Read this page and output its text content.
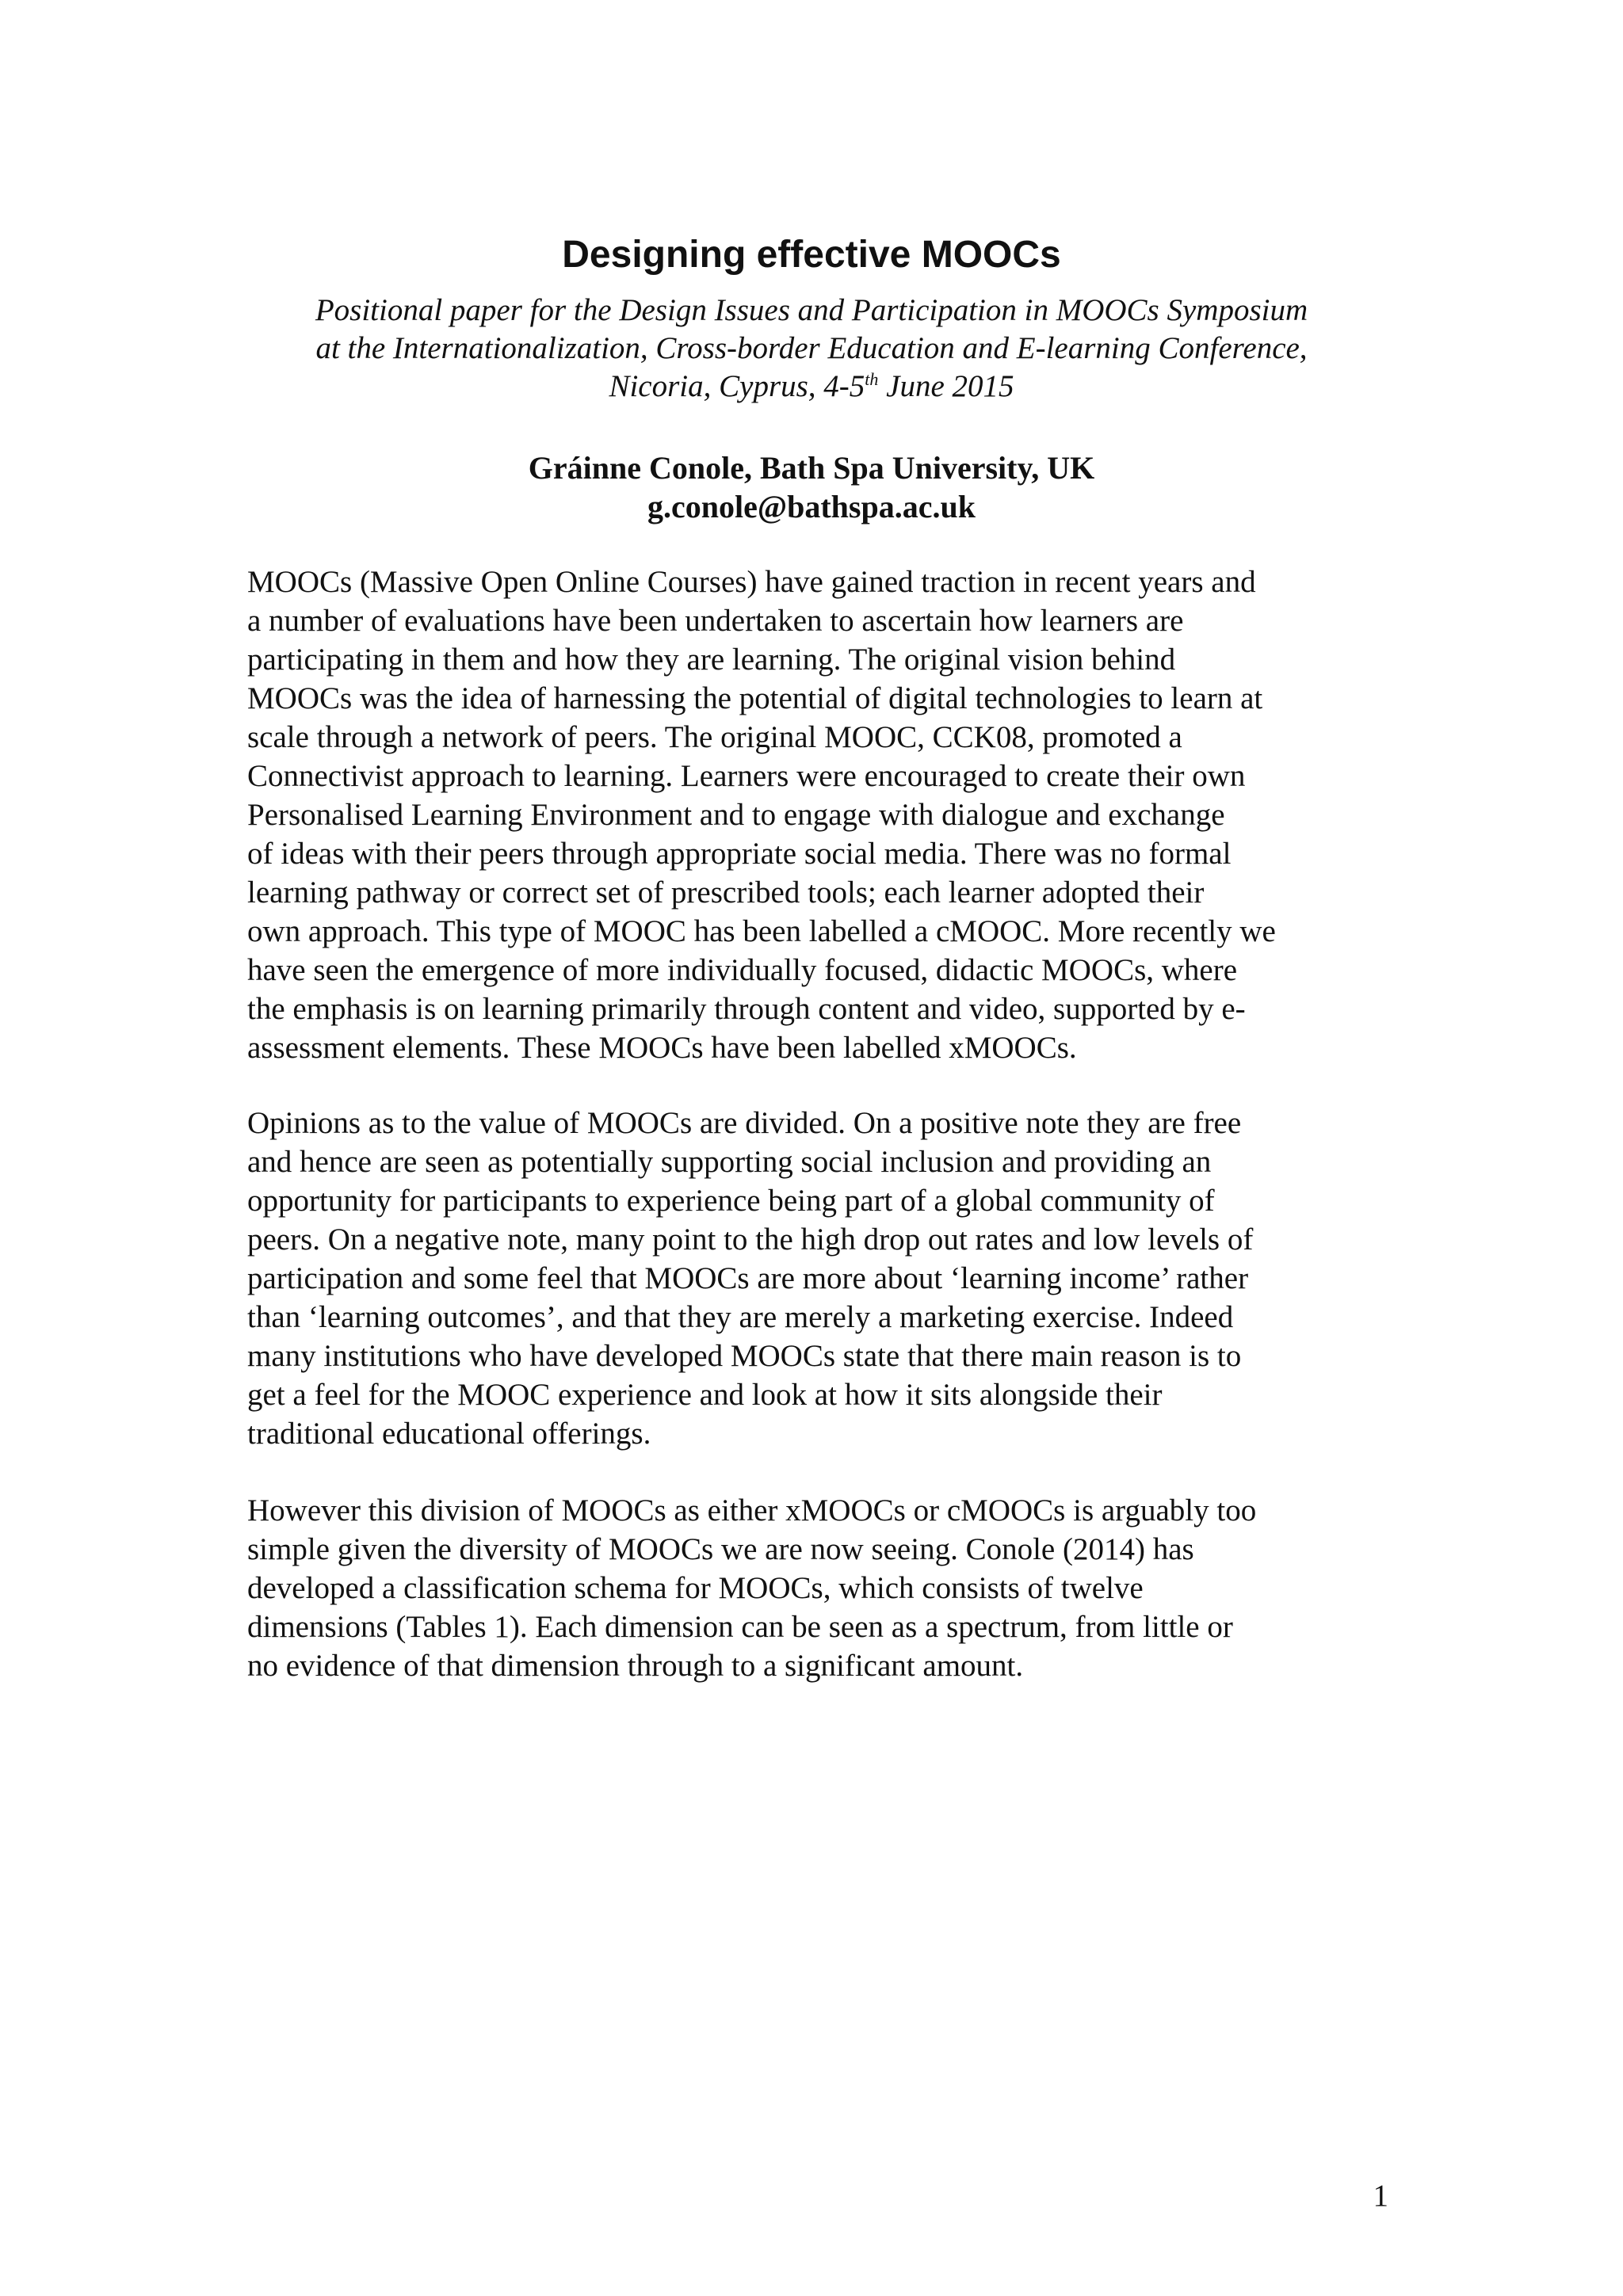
Designing effective MOOCs
Positional paper for the Design Issues and Participation in MOOCs Symposium
at the Internationalization, Cross-border Education and E-learning Conference,
Nicoria, Cyprus, 4-5th June 2015
Gráinne Conole, Bath Spa University, UK
g.conole@bathspa.ac.uk

MOOCs (Massive Open Online Courses) have gained traction in recent years and
a number of evaluations have been undertaken to ascertain how learners are
participating in them and how they are learning. The original vision behind
MOOCs was the idea of harnessing the potential of digital technologies to learn at
scale through a network of peers. The original MOOC, CCK08, promoted a
Connectivist approach to learning. Learners were encouraged to create their own
Personalised Learning Environment and to engage with dialogue and exchange
of ideas with their peers through appropriate social media. There was no formal
learning pathway or correct set of prescribed tools; each learner adopted their
own approach. This type of MOOC has been labelled a cMOOC. More recently we
have seen the emergence of more individually focused, didactic MOOCs, where
the emphasis is on learning primarily through content and video, supported by e-
assessment elements. These MOOCs have been labelled xMOOCs.

Opinions as to the value of MOOCs are divided. On a positive note they are free
and hence are seen as potentially supporting social inclusion and providing an
opportunity for participants to experience being part of a global community of
peers. On a negative note, many point to the high drop out rates and low levels of
participation and some feel that MOOCs are more about ‘learning income’ rather
than ‘learning outcomes’, and that they are merely a marketing exercise. Indeed
many institutions who have developed MOOCs state that there main reason is to
get a feel for the MOOC experience and look at how it sits alongside their
traditional educational offerings.

However this division of MOOCs as either xMOOCs or cMOOCs is arguably too
simple given the diversity of MOOCs we are now seeing. Conole (2014) has
developed a classification schema for MOOCs, which consists of twelve
dimensions (Tables 1). Each dimension can be seen as a spectrum, from little or
no evidence of that dimension through to a significant amount.

1
